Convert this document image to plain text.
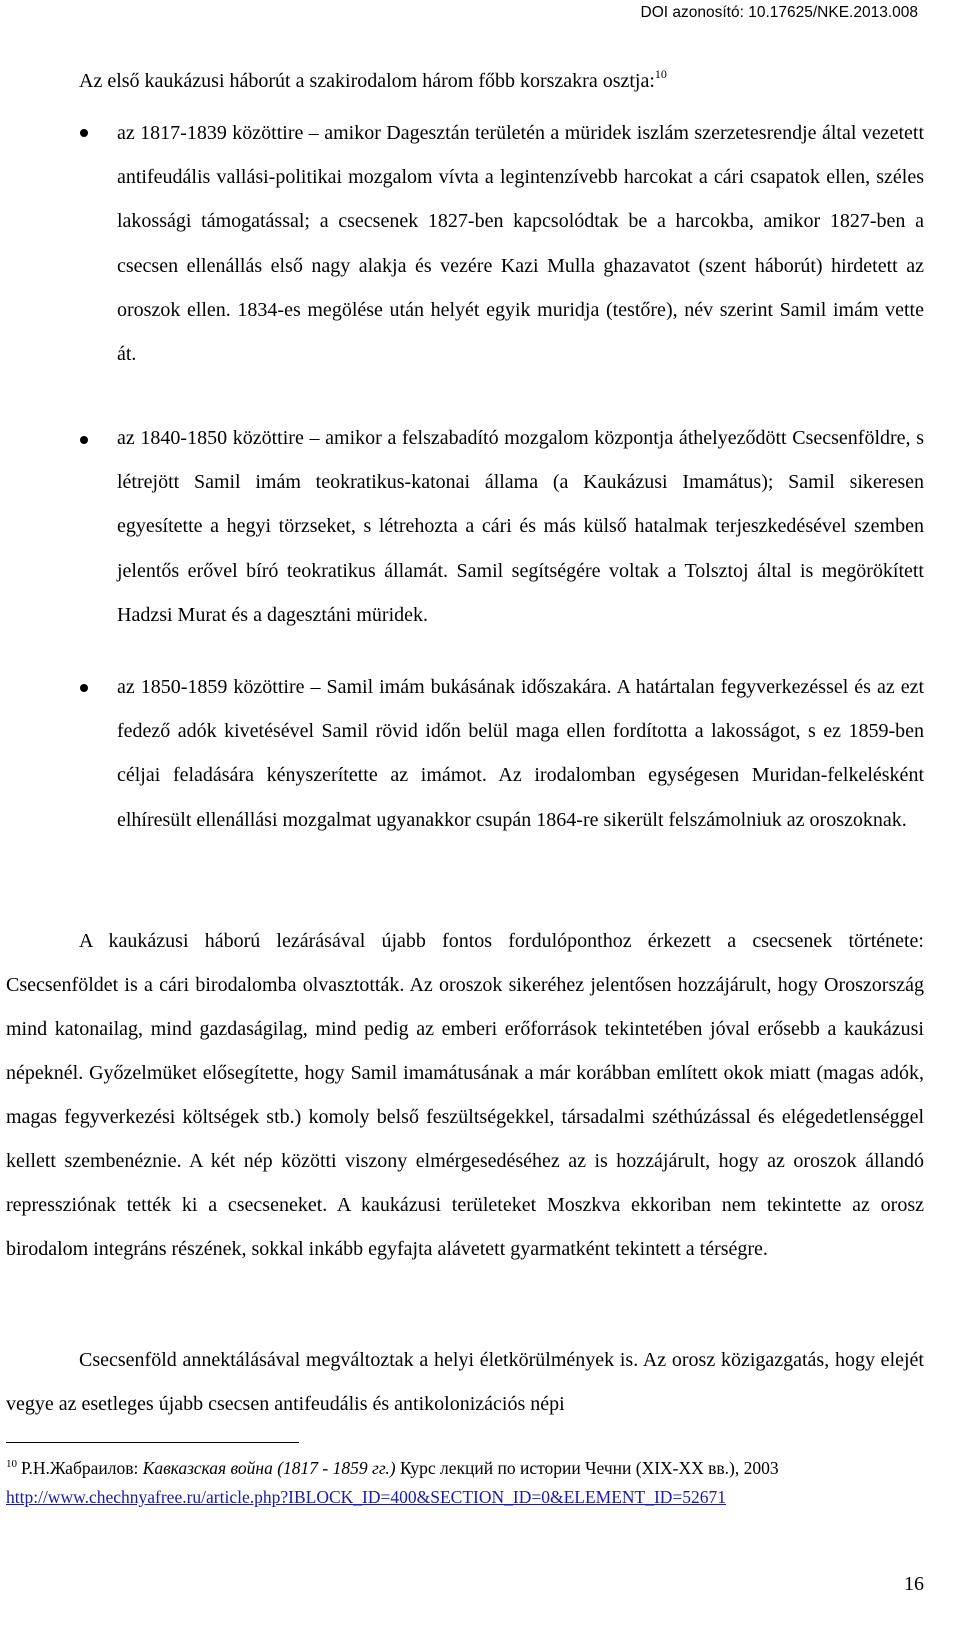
DOI azonosító: 10.17625/NKE.2013.008
Az első kaukázusi háborút a szakirodalom három főbb korszakra osztja:$^{10}$
az 1817-1839 közöttire – amikor Dagesztán területén a müridek iszlám szerzetesrendje által vezetett antifeudális vallási-politikai mozgalom vívta a legintenzívebb harcokat a cári csapatok ellen, széles lakossági támogatással; a csecsenek 1827-ben kapcsolódtak be a harcokba, amikor 1827-ben a csecsen ellenállás első nagy alakja és vezére Kazi Mulla ghazavatot (szent háborút) hirdetett az oroszok ellen. 1834-es megölése után helyét egyik muridja (testőre), név szerint Samil imám vette át.
az 1840-1850 közöttire – amikor a felszabadító mozgalom központja áthelyeződött Csecsenföldre, s létrejött Samil imám teokratikus-katonai állama (a Kaukázusi Imamátus); Samil sikeresen egyesítette a hegyi törzseket, s létrehozta a cári és más külső hatalmak terjeszkedésével szemben jelentős erővel bíró teokratikus államát. Samil segítségére voltak a Tolsztoj által is megörökített Hadzsi Murat és a dagesztáni müridek.
az 1850-1859 közöttire – Samil imám bukásának időszakára. A határtalan fegyverkezéssel és az ezt fedező adók kivetésével Samil rövid időn belül maga ellen fordította a lakosságot, s ez 1859-ben céljai feladására kényszerítette az imámot. Az irodalomban egységesen Muridan-felkelésként elhíresült ellenállási mozgalmat ugyanakkor csupán 1864-re sikerült felszámolniuk az oroszoknak.
A kaukázusi háború lezárásával újabb fontos fordulóponthoz érkezett a csecsenek története: Csecsenföldet is a cári birodalomba olvasztották. Az oroszok sikeréhez jelentősen hozzájárult, hogy Oroszország mind katonailag, mind gazdaságilag, mind pedig az emberi erőforrások tekintetében jóval erősebb a kaukázusi népeknél. Győzelmüket elősegítette, hogy Samil imamátusának a már korábban említett okok miatt (magas adók, magas fegyverkezési költségek stb.) komoly belső feszültségekkel, társadalmi széthúzással és elégedetlenséggel kellett szembenéznie. A két nép közötti viszony elmérgesedéséhez az is hozzájárult, hogy az oroszok állandó repressziónak tették ki a csecseneket. A kaukázusi területeket Moszkva ekkoriban nem tekintette az orosz birodalom integráns részének, sokkal inkább egyfajta alávetett gyarmatként tekintett a térségre.
Csecsenföld annektálásával megváltoztak a helyi életkörülmények is. Az orosz közigazgatás, hogy elejét vegye az esetleges újabb csecsen antifeudális és antikolonizációs népi
$^{10}$ Р.Н.Жабраилов: Кавказская война (1817 - 1859 гг.) Курс лекций по истории Чечни (XIX-XX вв.), 2003
http://www.chechnyafree.ru/article.php?IBLOCK_ID=400&SECTION_ID=0&ELEMENT_ID=52671
16
